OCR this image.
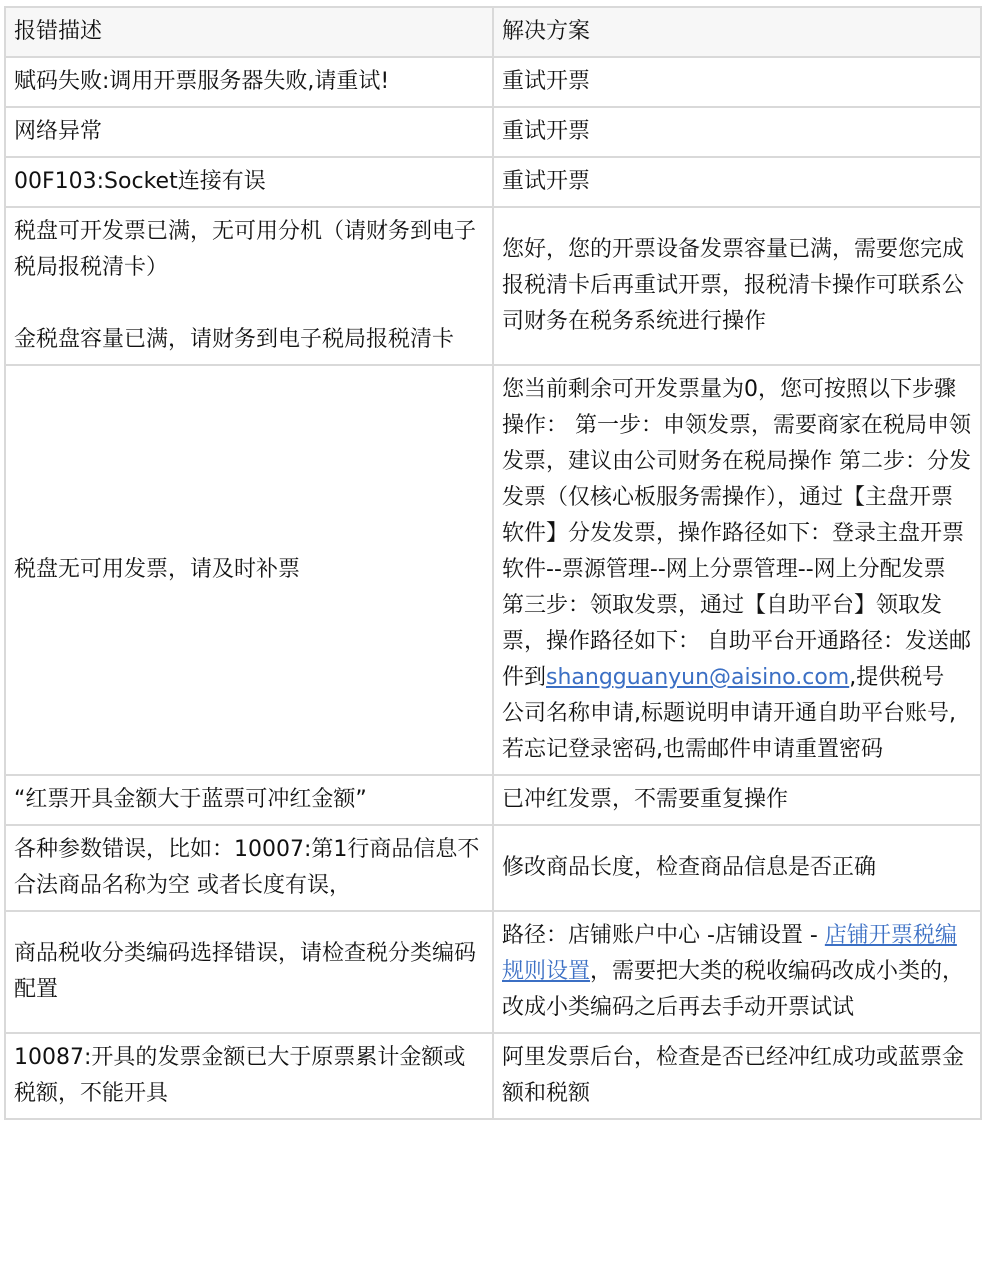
报错描述	解决方案
赋码失败:调用开票服务器失败,请重试!	重试开票
网络异常	重试开票
00F103:Socket连接有误	重试开票

税盘可开发票已满，无可用分机（请财务到电子税局报税清卡）
金税盘容量已满，请财务到电子税局报税清卡	您好，您的开票设备发票容量已满，需要您完成报税清卡后再重试开票，报税清卡操作可联系公司财务在税务系统进行操作
税盘无可用发票，请及时补票	您当前剩余可开发票量为0，您可按照以下步骤操作： 第一步：申领发票，需要商家在税局申领发票，建议由公司财务在税局操作 第二步：分发发票（仅核心板服务需操作），通过【主盘开票软件】分发发票，操作路径如下：登录主盘开票软件--票源管理--网上分票管理--网上分配发票 第三步：领取发票，通过【自助平台】领取发票，操作路径如下： 自助平台开通路径：发送邮件到shangguanyun@aisino.com,提供税号 公司名称申请,标题说明申请开通自助平台账号,若忘记登录密码,也需邮件申请重置密码
“红票开具金额大于蓝票可冲红金额”	已冲红发票，不需要重复操作
各种参数错误，比如：10007:第1行商品信息不合法商品名称为空 或者长度有误，	修改商品长度，检查商品信息是否正确
商品税收分类编码选择错误，请检查税分类编码配置	路径：店铺账户中心 -店铺设置 - 店铺开票税编规则设置，需要把大类的税收编码改成小类的，改成小类编码之后再去手动开票试试
10087:开具的发票金额已大于原票累计金额或税额，不能开具	阿里发票后台，检查是否已经冲红成功或蓝票金额和税额
